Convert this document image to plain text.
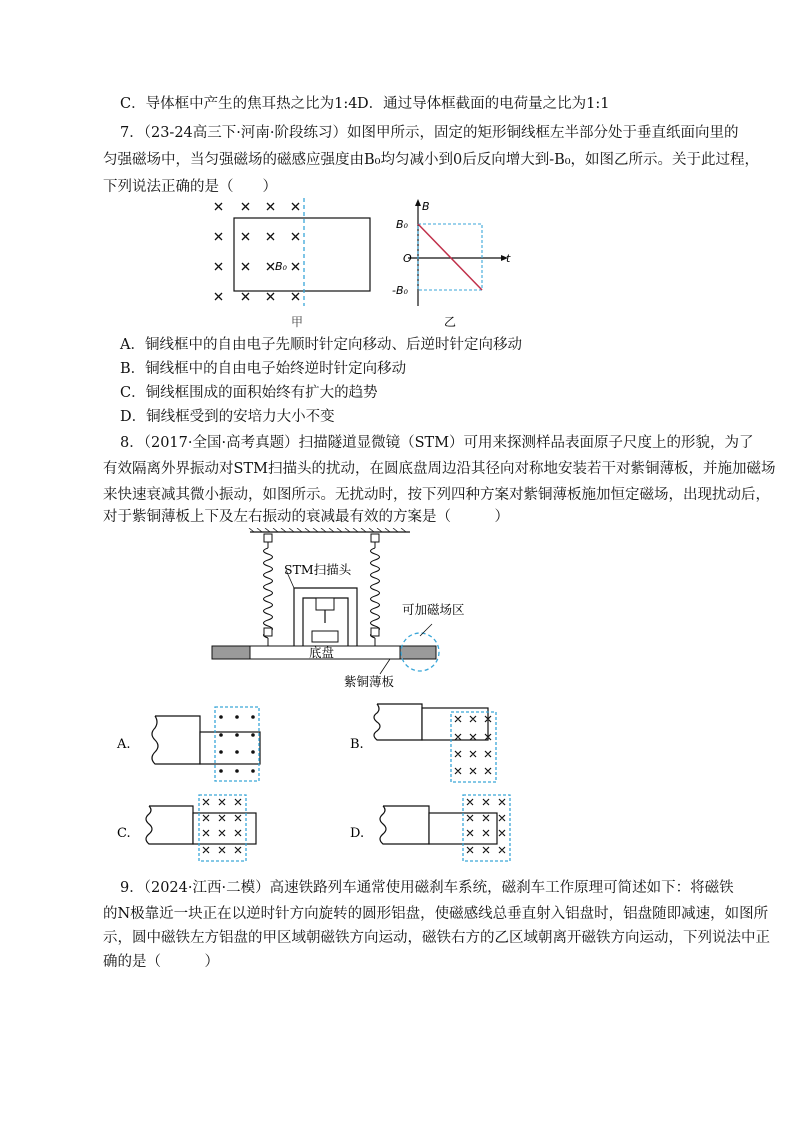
C．导体框中产生的焦耳热之比为1:4 D．通过导体框截面的电荷量之比为1:1
7．（23-24高三下·河南·阶段练习）如图甲所示，固定的矩形铜线框左半部分处于垂直纸面向里的
匀强磁场中，当匀强磁场的磁感应强度由B₀均匀减小到0后反向增大到-B₀，如图乙所示。关于此过程，
下列说法正确的是（　　）
B₀
甲
B
t
B₀
O
-B₀
乙
A．铜线框中的自由电子先顺时针定向移动、后逆时针定向移动
B．铜线框中的自由电子始终逆时针定向移动
C．铜线框围成的面积始终有扩大的趋势
D．铜线框受到的安培力大小不变
8．（2017·全国·高考真题）扫描隧道显微镜（STM）可用来探测样品表面原子尺度上的形貌，为了
有效隔离外界振动对STM扫描头的扰动，在圆底盘周边沿其径向对称地安装若干对紫铜薄板，并施加磁场
来快速衰减其微小振动，如图所示。无扰动时，按下列四种方案对紫铜薄板施加恒定磁场，出现扰动后，
对于紫铜薄板上下及左右振动的衰减最有效的方案是（　　　）
STM扫描头
底盘
可加磁场区
紫铜薄板
A.	B.
C.	D.
9．（2024·江西·二模）高速铁路列车通常使用磁刹车系统，磁刹车工作原理可简述如下：将磁铁
的N极靠近一块正在以逆时针方向旋转的圆形铝盘，使磁感线总垂直射入铝盘时，铝盘随即减速，如图所
示，圆中磁铁左方铝盘的甲区域朝磁铁方向运动，磁铁右方的乙区域朝离开磁铁方向运动，下列说法中正
确的是（　　　）
